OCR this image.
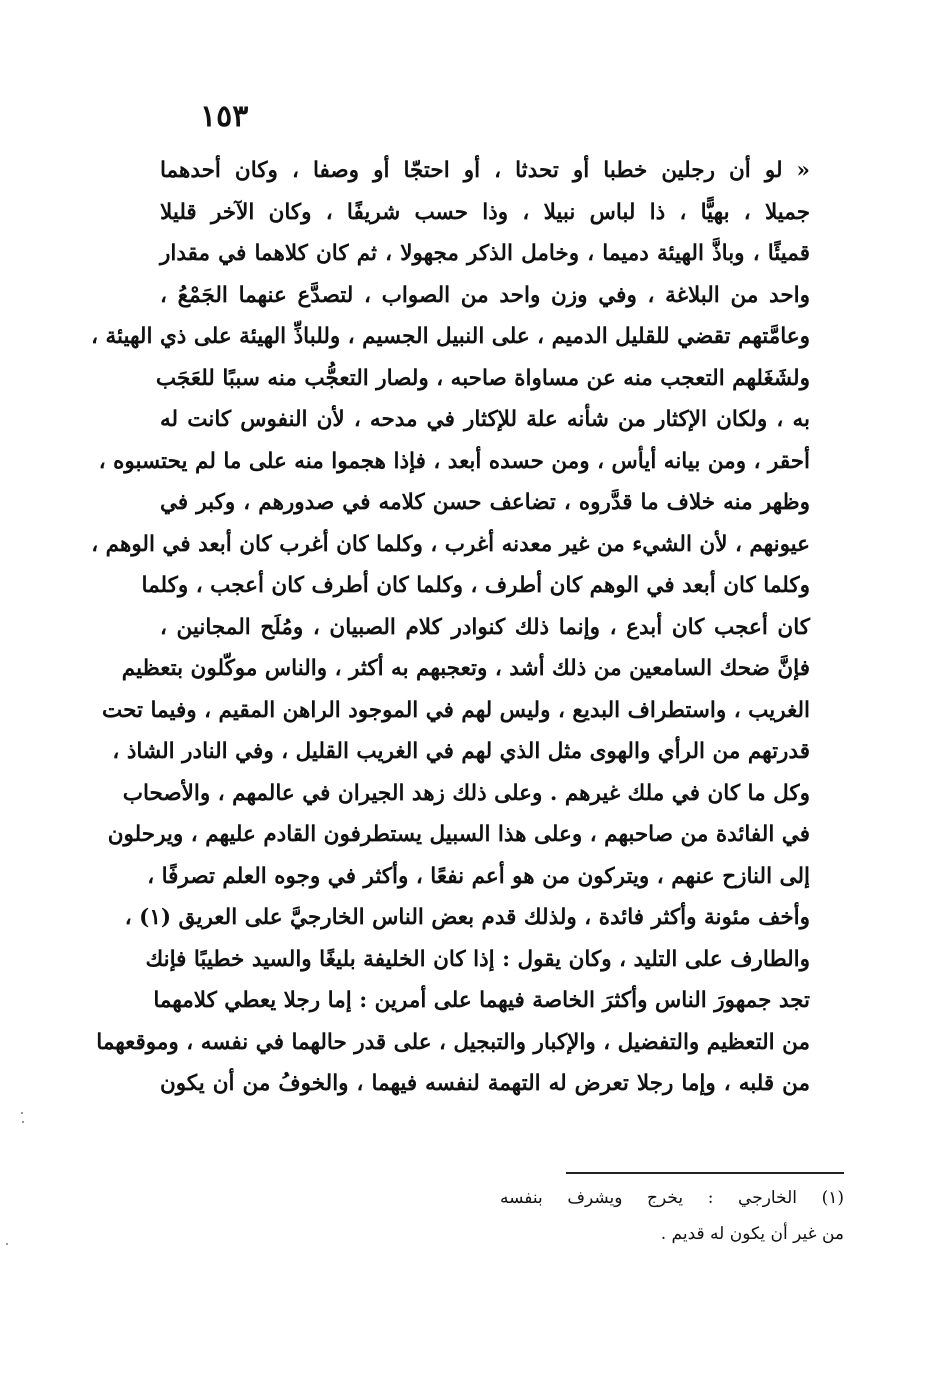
١٥٣
« لو أن رجلين خطبا أو تحدثا ، أو احتجّا أو وصفا ، وكان أحدهما
جميلا ، بهيًّا ، ذا لباس نبيلا ، وذا حسب شريفًا ، وكان الآخر قليلا
قميئًا ، وباذَّ الهيئة دميما ، وخامل الذكر مجهولا ، ثم كان كلاهما في مقدار
واحد من البلاغة ، وفي وزن واحد من الصواب ، لتصدَّع عنهما الجَمْعُ ،
وعامَّتهم تقضي للقليل الدميم ، على النبيل الجسيم ، وللباذِّ الهيئة على ذي الهيئة ،
ولشَغَلهم التعجب منه عن مساواة صاحبه ، ولصار التعجُّب منه سببًا للعَجَب
به ، ولكان الإكثار من شأنه علة للإكثار في مدحه ، لأن النفوس كانت له
أحقر ، ومن بيانه أيأس ، ومن حسده أبعد ، فإذا هجموا منه على ما لم يحتسبوه ،
وظهر منه خلاف ما قدَّروه ، تضاعف حسن كلامه في صدورهم ، وكبر في
عيونهم ، لأن الشيء من غير معدنه أغرب ، وكلما كان أغرب كان أبعد في الوهم ،
وكلما كان أبعد في الوهم كان أطرف ، وكلما كان أطرف كان أعجب ، وكلما
كان أعجب كان أبدع ، وإنما ذلك كنوادر كلام الصبيان ، ومُلَح المجانين ،
فإنَّ ضحك السامعين من ذلك أشد ، وتعجبهم به أكثر ، والناس موكّلون بتعظيم
الغريب ، واستطراف البديع ، وليس لهم في الموجود الراهن المقيم ، وفيما تحت
قدرتهم من الرأي والهوى مثل الذي لهم في الغريب القليل ، وفي النادر الشاذ ،
وكل ما كان في ملك غيرهم . وعلى ذلك زهد الجيران في عالمهم ، والأصحاب
في الفائدة من صاحبهم ، وعلى هذا السبيل يستطرفون القادم عليهم ، ويرحلون
إلى النازح عنهم ، ويتركون من هو أعم نفعًا ، وأكثر في وجوه العلم تصرفًا ،
وأخف مئونة وأكثر فائدة ، ولذلك قدم بعض الناس الخارجيَّ على العريق (١) ،
والطارف على التليد ، وكان يقول : إذا كان الخليفة بليغًا والسيد خطيبًا فإنك
تجد جمهورَ الناس وأكثرَ الخاصة فيهما على أمرين : إما رجلا يعطي كلامهما
من التعظيم والتفضيل ، والإكبار والتبجيل ، على قدر حالهما في نفسه ، وموقعهما
من قلبه ، وإما رجلا تعرض له التهمة لنفسه فيهما ، والخوفُ من أن يكون
(١) الخارجي : يخرج ويشرف بنفسه
من غير أن يكون له قديم .
